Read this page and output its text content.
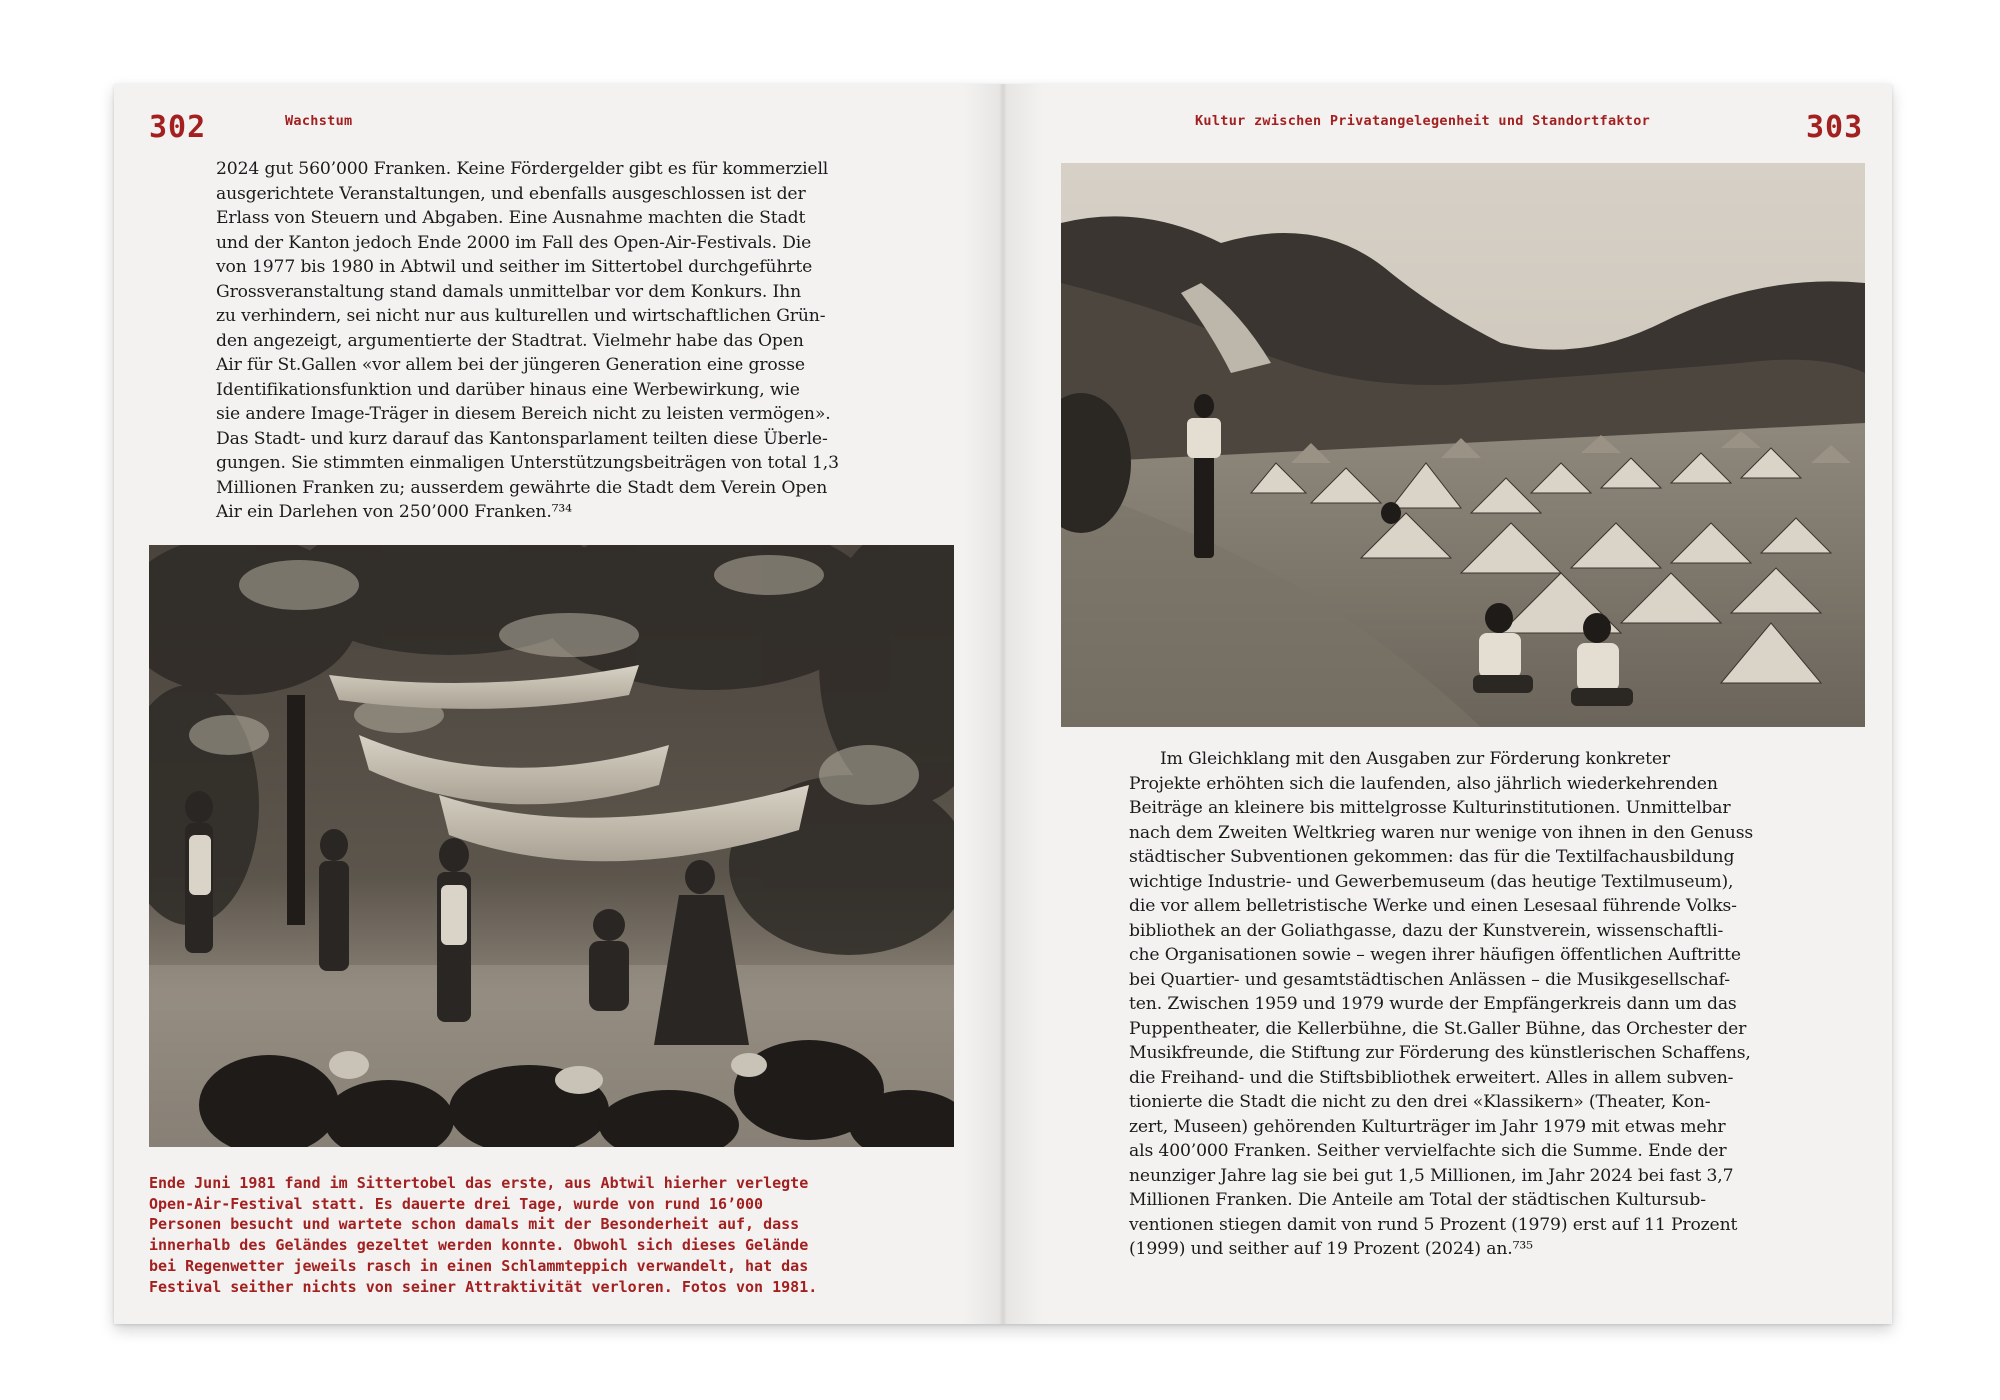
302	Wachstum
2024 gut 560’000 Franken. Keine Fördergelder gibt es für kommerziell
ausgerichtete Veranstaltungen, und ebenfalls ausgeschlossen ist der
Erlass von Steuern und Abgaben. Eine Ausnahme machten die Stadt
und der Kanton jedoch Ende 2000 im Fall des Open-Air-Festivals. Die
von 1977 bis 1980 in Abtwil und seither im Sittertobel durchgeführte
Grossveranstaltung stand damals unmittelbar vor dem Konkurs. Ihn
zu verhindern, sei nicht nur aus kulturellen und wirtschaftlichen Grün-
den angezeigt, argumentierte der Stadtrat. Vielmehr habe das Open
Air für St.Gallen «vor allem bei der jüngeren Generation eine grosse
Identifikationsfunktion und darüber hinaus eine Werbewirkung, wie
sie andere Image-Träger in diesem Bereich nicht zu leisten vermögen».
Das Stadt- und kurz darauf das Kantonsparlament teilten diese Überle-
gungen. Sie stimmten einmaligen Unterstützungsbeiträgen von total 1,3
Millionen Franken zu; ausserdem gewährte die Stadt dem Verein Open
Air ein Darlehen von 250’000 Franken.⁷³⁴
Ende Juni 1981 fand im Sittertobel das erste, aus Abtwil hierher verlegte
Open-Air-Festival statt. Es dauerte drei Tage, wurde von rund 16’000
Personen besucht und wartete schon damals mit der Besonderheit auf, dass
innerhalb des Geländes gezeltet werden konnte. Obwohl sich dieses Gelände
bei Regenwetter jeweils rasch in einen Schlammteppich verwandelt, hat das
Festival seither nichts von seiner Attraktivität verloren. Fotos von 1981.
Kultur zwischen Privatangelegenheit und Standortfaktor	303
Im Gleichklang mit den Ausgaben zur Förderung konkreter
Projekte erhöhten sich die laufenden, also jährlich wiederkehrenden
Beiträge an kleinere bis mittelgrosse Kulturinstitutionen. Unmittelbar
nach dem Zweiten Weltkrieg waren nur wenige von ihnen in den Genuss
städtischer Subventionen gekommen: das für die Textilfachausbildung
wichtige Industrie- und Gewerbemuseum (das heutige Textilmuseum),
die vor allem belletristische Werke und einen Lesesaal führende Volks-
bibliothek an der Goliathgasse, dazu der Kunstverein, wissenschaftli-
che Organisationen sowie – wegen ihrer häufigen öffentlichen Auftritte
bei Quartier- und gesamtstädtischen Anlässen – die Musikgesellschaf-
ten. Zwischen 1959 und 1979 wurde der Empfängerkreis dann um das
Puppentheater, die Kellerbühne, die St.Galler Bühne, das Orchester der
Musikfreunde, die Stiftung zur Förderung des künstlerischen Schaffens,
die Freihand- und die Stiftsbibliothek erweitert. Alles in allem subven-
tionierte die Stadt die nicht zu den drei «Klassikern» (Theater, Kon-
zert, Museen) gehörenden Kulturträger im Jahr 1979 mit etwas mehr
als 400’000 Franken. Seither vervielfachte sich die Summe. Ende der
neunziger Jahre lag sie bei gut 1,5 Millionen, im Jahr 2024 bei fast 3,7
Millionen Franken. Die Anteile am Total der städtischen Kultursub-
ventionen stiegen damit von rund 5 Prozent (1979) erst auf 11 Prozent
(1999) und seither auf 19 Prozent (2024) an.⁷³⁵
